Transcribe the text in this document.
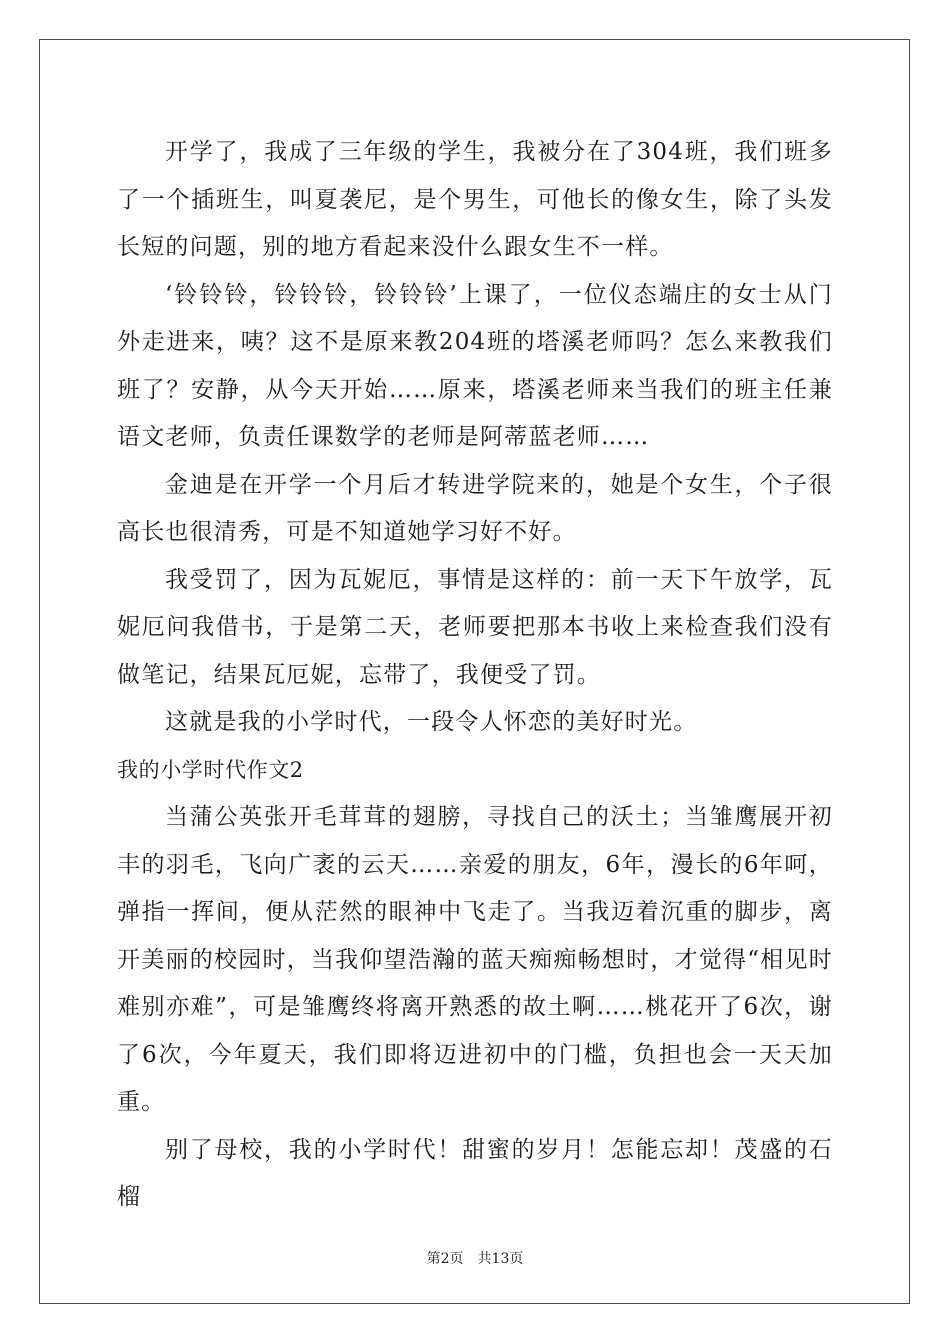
开学了，我成了三年级的学生，我被分在了304班，我们班多了一个插班生，叫夏袭尼，是个男生，可他长的像女生，除了头发长短的问题，别的地方看起来没什么跟女生不一样。

‘铃铃铃，铃铃铃，铃铃铃’上课了，一位仪态端庄的女士从门外走进来，咦？这不是原来教204班的塔溪老师吗？怎么来教我们班了？安静，从今天开始……原来，塔溪老师来当我们的班主任兼语文老师，负责任课数学的老师是阿蒂蓝老师……

金迪是在开学一个月后才转进学院来的，她是个女生，个子很高长也很清秀，可是不知道她学习好不好。

我受罚了，因为瓦妮厄，事情是这样的：前一天下午放学，瓦妮厄问我借书，于是第二天，老师要把那本书收上来检查我们没有做笔记，结果瓦厄妮，忘带了，我便受了罚。

这就是我的小学时代，一段令人怀恋的美好时光。

我的小学时代作文2

当蒲公英张开毛茸茸的翅膀，寻找自己的沃土；当雏鹰展开初丰的羽毛，飞向广袤的云天……亲爱的朋友，6年，漫长的6年呵，弹指一挥间，便从茫然的眼神中飞走了。当我迈着沉重的脚步，离开美丽的校园时，当我仰望浩瀚的蓝天痴痴畅想时，才觉得“相见时难别亦难”，可是雏鹰终将离开熟悉的故土啊……桃花开了6次，谢了6次，今年夏天，我们即将迈进初中的门槛，负担也会一天天加重。

别了母校，我的小学时代！甜蜜的岁月！怎能忘却！茂盛的石榴

第2页　共13页
